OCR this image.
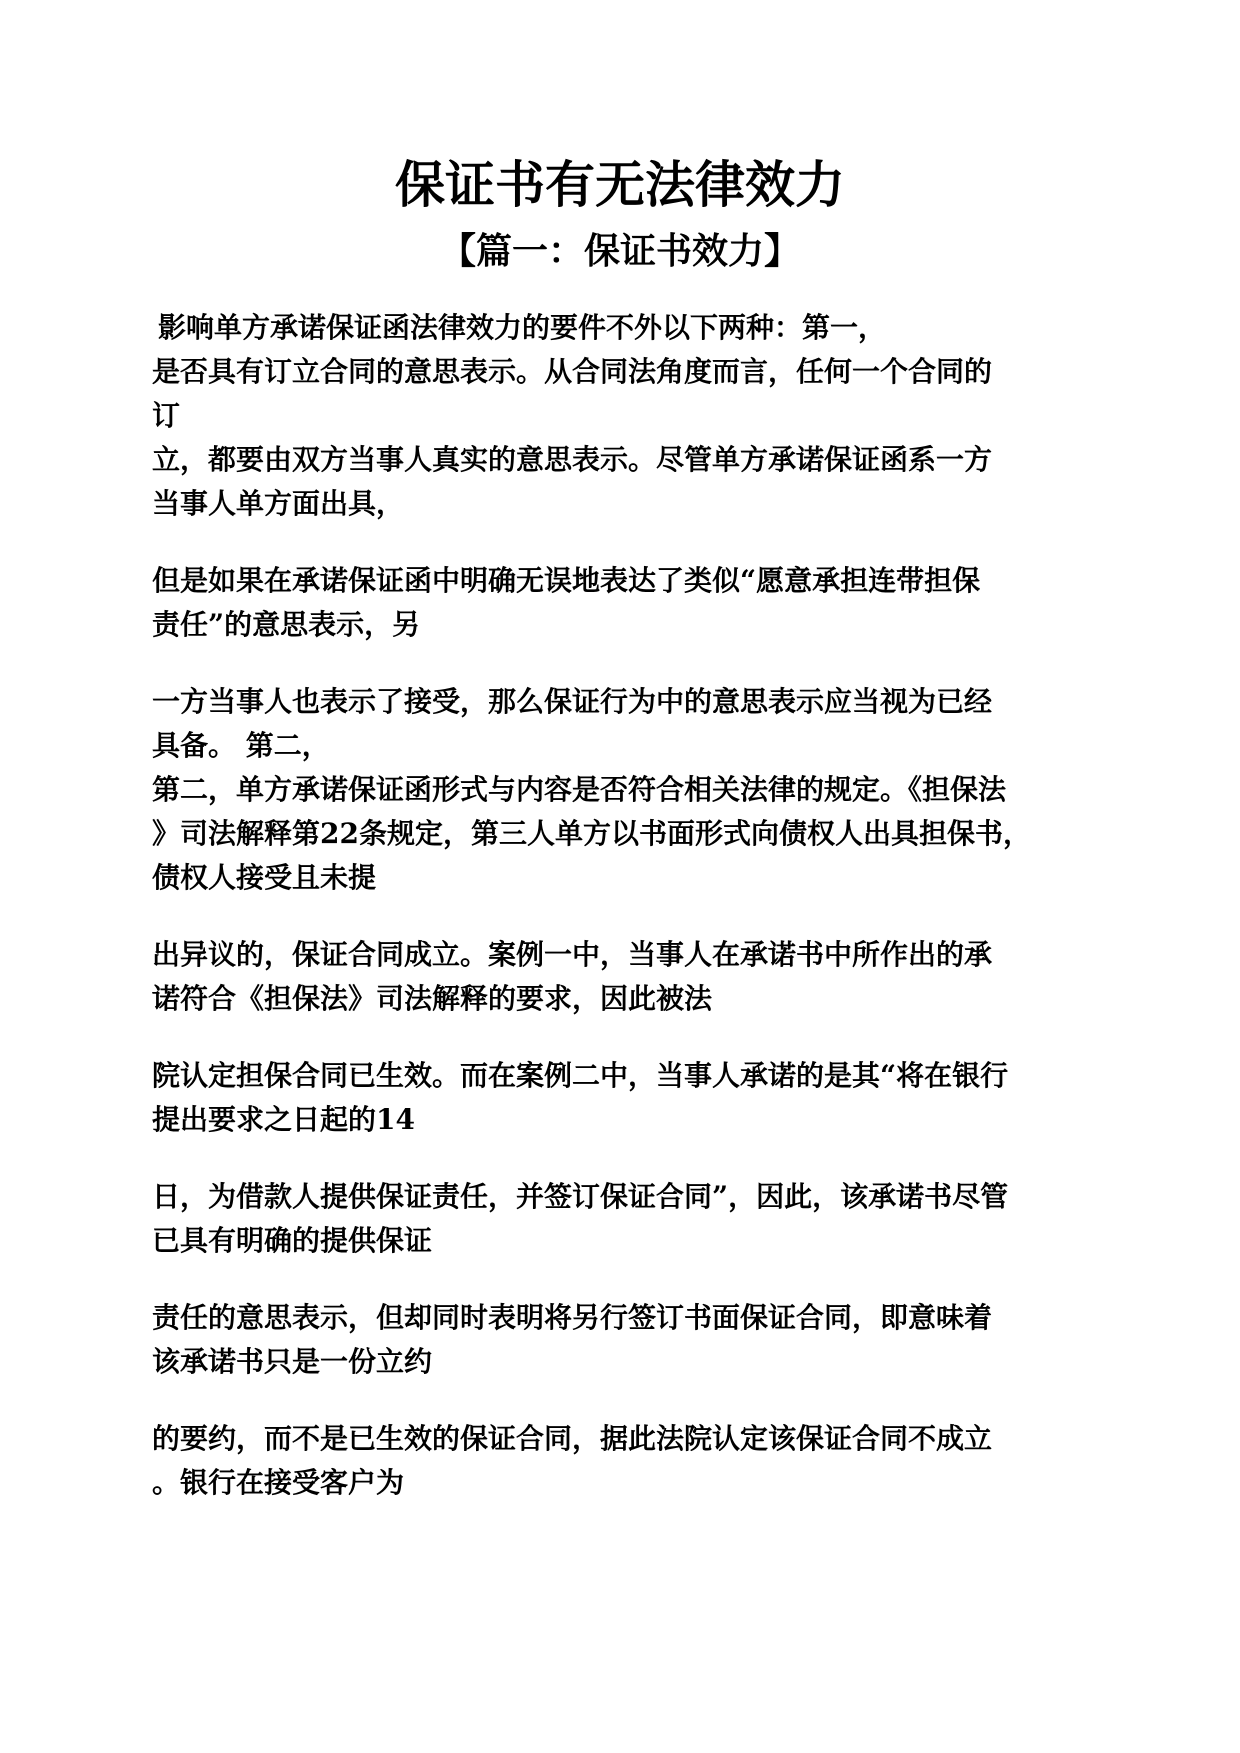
保证书有无法律效力
【篇一：保证书效力】

影响单方承诺保证函法律效力的要件不外以下两种：第一，
是否具有订立合同的意思表示。从合同法角度而言，任何一个合同的
订
立，都要由双方当事人真实的意思表示。尽管单方承诺保证函系一方
当事人单方面出具，

但是如果在承诺保证函中明确无误地表达了类似“愿意承担连带担保
责任”的意思表示，另

一方当事人也表示了接受，那么保证行为中的意思表示应当视为已经
具备。 第二，
第二，单方承诺保证函形式与内容是否符合相关法律的规定。《担保法
》司法解释第22条规定，第三人单方以书面形式向债权人出具担保书，
债权人接受且未提

出异议的，保证合同成立。案例一中，当事人在承诺书中所作出的承
诺符合《担保法》司法解释的要求，因此被法

院认定担保合同已生效。而在案例二中，当事人承诺的是其“将在银行
提出要求之日起的14

日，为借款人提供保证责任，并签订保证合同”，因此，该承诺书尽管
已具有明确的提供保证

责任的意思表示，但却同时表明将另行签订书面保证合同，即意味着
该承诺书只是一份立约

的要约，而不是已生效的保证合同，据此法院认定该保证合同不成立
。银行在接受客户为
